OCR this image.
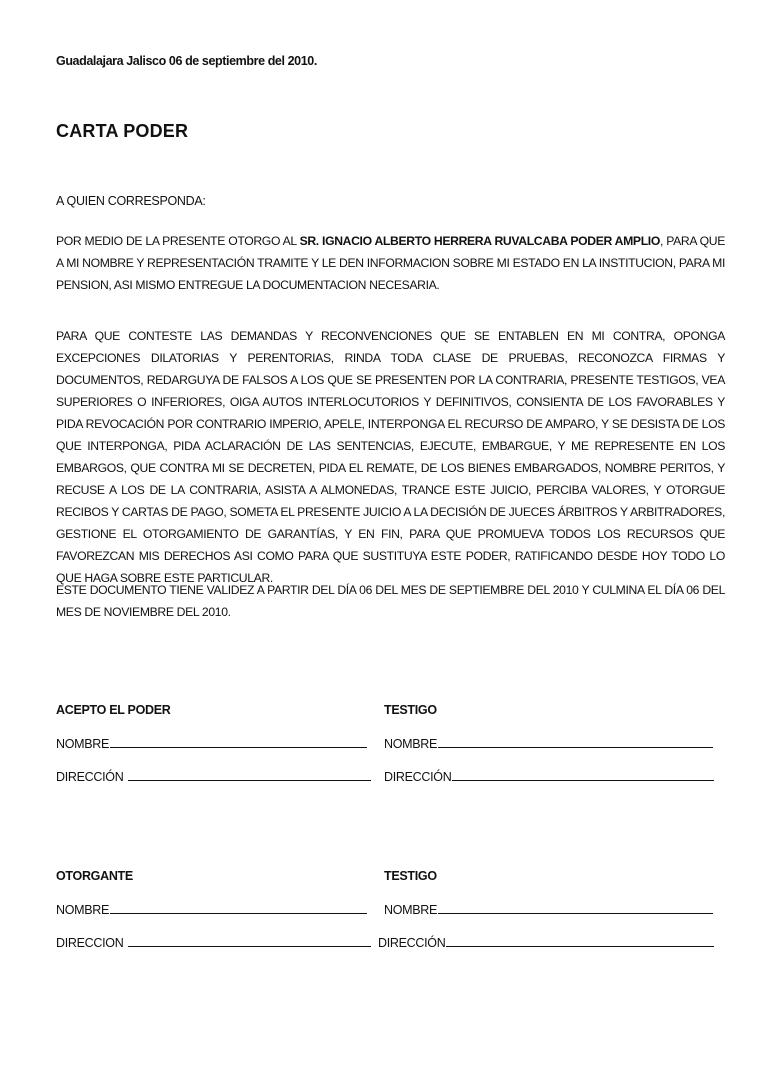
Guadalajara Jalisco 06 de septiembre del 2010.
CARTA PODER
A QUIEN CORRESPONDA:
POR MEDIO DE LA PRESENTE OTORGO AL SR. IGNACIO ALBERTO HERRERA RUVALCABA PODER AMPLIO, PARA QUE A MI NOMBRE Y REPRESENTACIÓN TRAMITE Y LE DEN INFORMACION SOBRE MI ESTADO EN LA INSTITUCION, PARA MI PENSION, ASI MISMO ENTREGUE LA DOCUMENTACION NECESARIA.
PARA QUE CONTESTE LAS DEMANDAS Y RECONVENCIONES QUE SE ENTABLEN EN MI CONTRA, OPONGA EXCEPCIONES DILATORIAS Y PERENTORIAS, RINDA TODA CLASE DE PRUEBAS, RECONOZCA FIRMAS Y DOCUMENTOS, REDARGUYA DE FALSOS A LOS QUE SE PRESENTEN POR LA CONTRARIA, PRESENTE TESTIGOS, VEA SUPERIORES O INFERIORES, OIGA AUTOS INTERLOCUTORIOS Y DEFINITIVOS, CONSIENTA DE LOS FAVORABLES Y PIDA REVOCACIÓN POR CONTRARIO IMPERIO, APELE, INTERPONGA EL RECURSO DE AMPARO, Y SE DESISTA DE LOS QUE INTERPONGA, PIDA ACLARACIÓN DE LAS SENTENCIAS, EJECUTE, EMBARGUE, Y ME REPRESENTE EN LOS EMBARGOS, QUE CONTRA MI SE DECRETEN, PIDA EL REMATE, DE LOS BIENES EMBARGADOS, NOMBRE PERITOS, Y RECUSE A LOS DE LA CONTRARIA, ASISTA A ALMONEDAS, TRANCE ESTE JUICIO, PERCIBA VALORES, Y OTORGUE RECIBOS Y CARTAS DE PAGO, SOMETA EL PRESENTE JUICIO A LA DECISIÓN DE JUECES ÁRBITROS Y ARBITRADORES, GESTIONE EL OTORGAMIENTO DE GARANTÍAS, Y EN FIN, PARA QUE PROMUEVA TODOS LOS RECURSOS QUE FAVOREZCAN MIS DERECHOS ASI COMO PARA QUE SUSTITUYA ESTE PODER, RATIFICANDO DESDE HOY TODO LO QUE HAGA SOBRE ESTE PARTICULAR.
ESTE DOCUMENTO TIENE VALIDEZ A PARTIR DEL DÍA 06 DEL MES DE SEPTIEMBRE DEL 2010 Y CULMINA EL DÍA 06 DEL MES DE NOVIEMBRE DEL 2010.
ACEPTO EL PODER	TESTIGO
NOMBRE	NOMBRE
DIRECCIÓN	DIRECCIÓN
OTORGANTE	TESTIGO
NOMBRE	NOMBRE
DIRECCION	DIRECCIÓN
